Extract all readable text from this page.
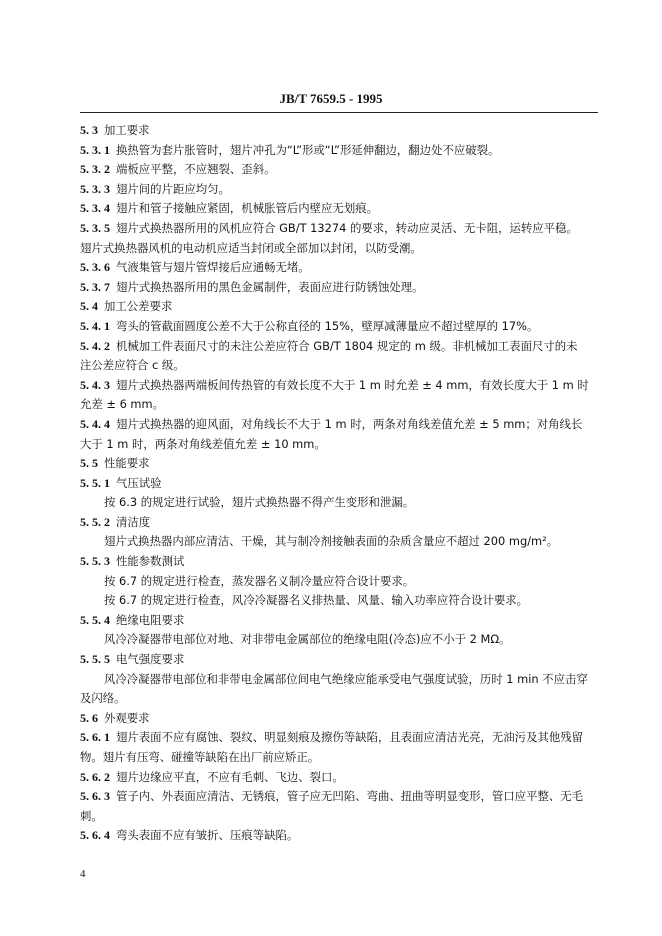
JB/T 7659.5 - 1995
5. 3 加工要求
5. 3. 1 换热管为套片胀管时，翅片冲孔为“L”形或“L”形延伸翻边，翻边处不应破裂。
5. 3. 2 端板应平整，不应翘裂、歪斜。
5. 3. 3 翅片间的片距应均匀。
5. 3. 4 翅片和管子接触应紧固，机械胀管后内壁应无划痕。
5. 3. 5 翅片式换热器所用的风机应符合 GB/T 13274 的要求，转动应灵活、无卡阻，运转应平稳。
翅片式换热器风机的电动机应适当封闭或全部加以封闭，以防受潮。
5. 3. 6 气液集管与翅片管焊接后应通畅无堵。
5. 3. 7 翅片式换热器所用的黑色金属制件，表面应进行防锈蚀处理。
5. 4 加工公差要求
5. 4. 1 弯头的管截面圆度公差不大于公称直径的 15%，壁厚减薄量应不超过壁厚的 17%。
5. 4. 2 机械加工件表面尺寸的未注公差应符合 GB/T 1804 规定的 m 级。非机械加工表面尺寸的未
注公差应符合 c 级。
5. 4. 3 翅片式换热器两端板间传热管的有效长度不大于 1 m 时允差 ± 4 mm，有效长度大于 1 m 时
允差 ± 6 mm。
5. 4. 4 翅片式换热器的迎风面，对角线长不大于 1 m 时，两条对角线差值允差 ± 5 mm；对角线长
大于 1 m 时，两条对角线差值允差 ± 10 mm。
5. 5 性能要求
5. 5. 1 气压试验
按 6.3 的规定进行试验，翅片式换热器不得产生变形和泄漏。
5. 5. 2 清洁度
翅片式换热器内部应清洁、干燥，其与制冷剂接触表面的杂质含量应不超过 200 mg/m²。
5. 5. 3 性能参数测试
按 6.7 的规定进行检查，蒸发器名义制冷量应符合设计要求。
按 6.7 的规定进行检查，风冷冷凝器名义排热量、风量、输入功率应符合设计要求。
5. 5. 4 绝缘电阻要求
风冷冷凝器带电部位对地、对非带电金属部位的绝缘电阻(冷态)应不小于 2 MΩ。
5. 5. 5 电气强度要求
风冷冷凝器带电部位和非带电金属部位间电气绝缘应能承受电气强度试验，历时 1 min 不应击穿
及闪络。
5. 6 外观要求
5. 6. 1 翅片表面不应有腐蚀、裂纹、明显刻痕及擦伤等缺陷，且表面应清洁光亮，无油污及其他残留
物。翅片有压弯、碰撞等缺陷在出厂前应矫正。
5. 6. 2 翅片边缘应平直，不应有毛刺、飞边、裂口。
5. 6. 3 管子内、外表面应清洁、无锈痕，管子应无凹陷、弯曲、扭曲等明显变形，管口应平整、无毛
刺。
5. 6. 4 弯头表面不应有皱折、压痕等缺陷。
4
